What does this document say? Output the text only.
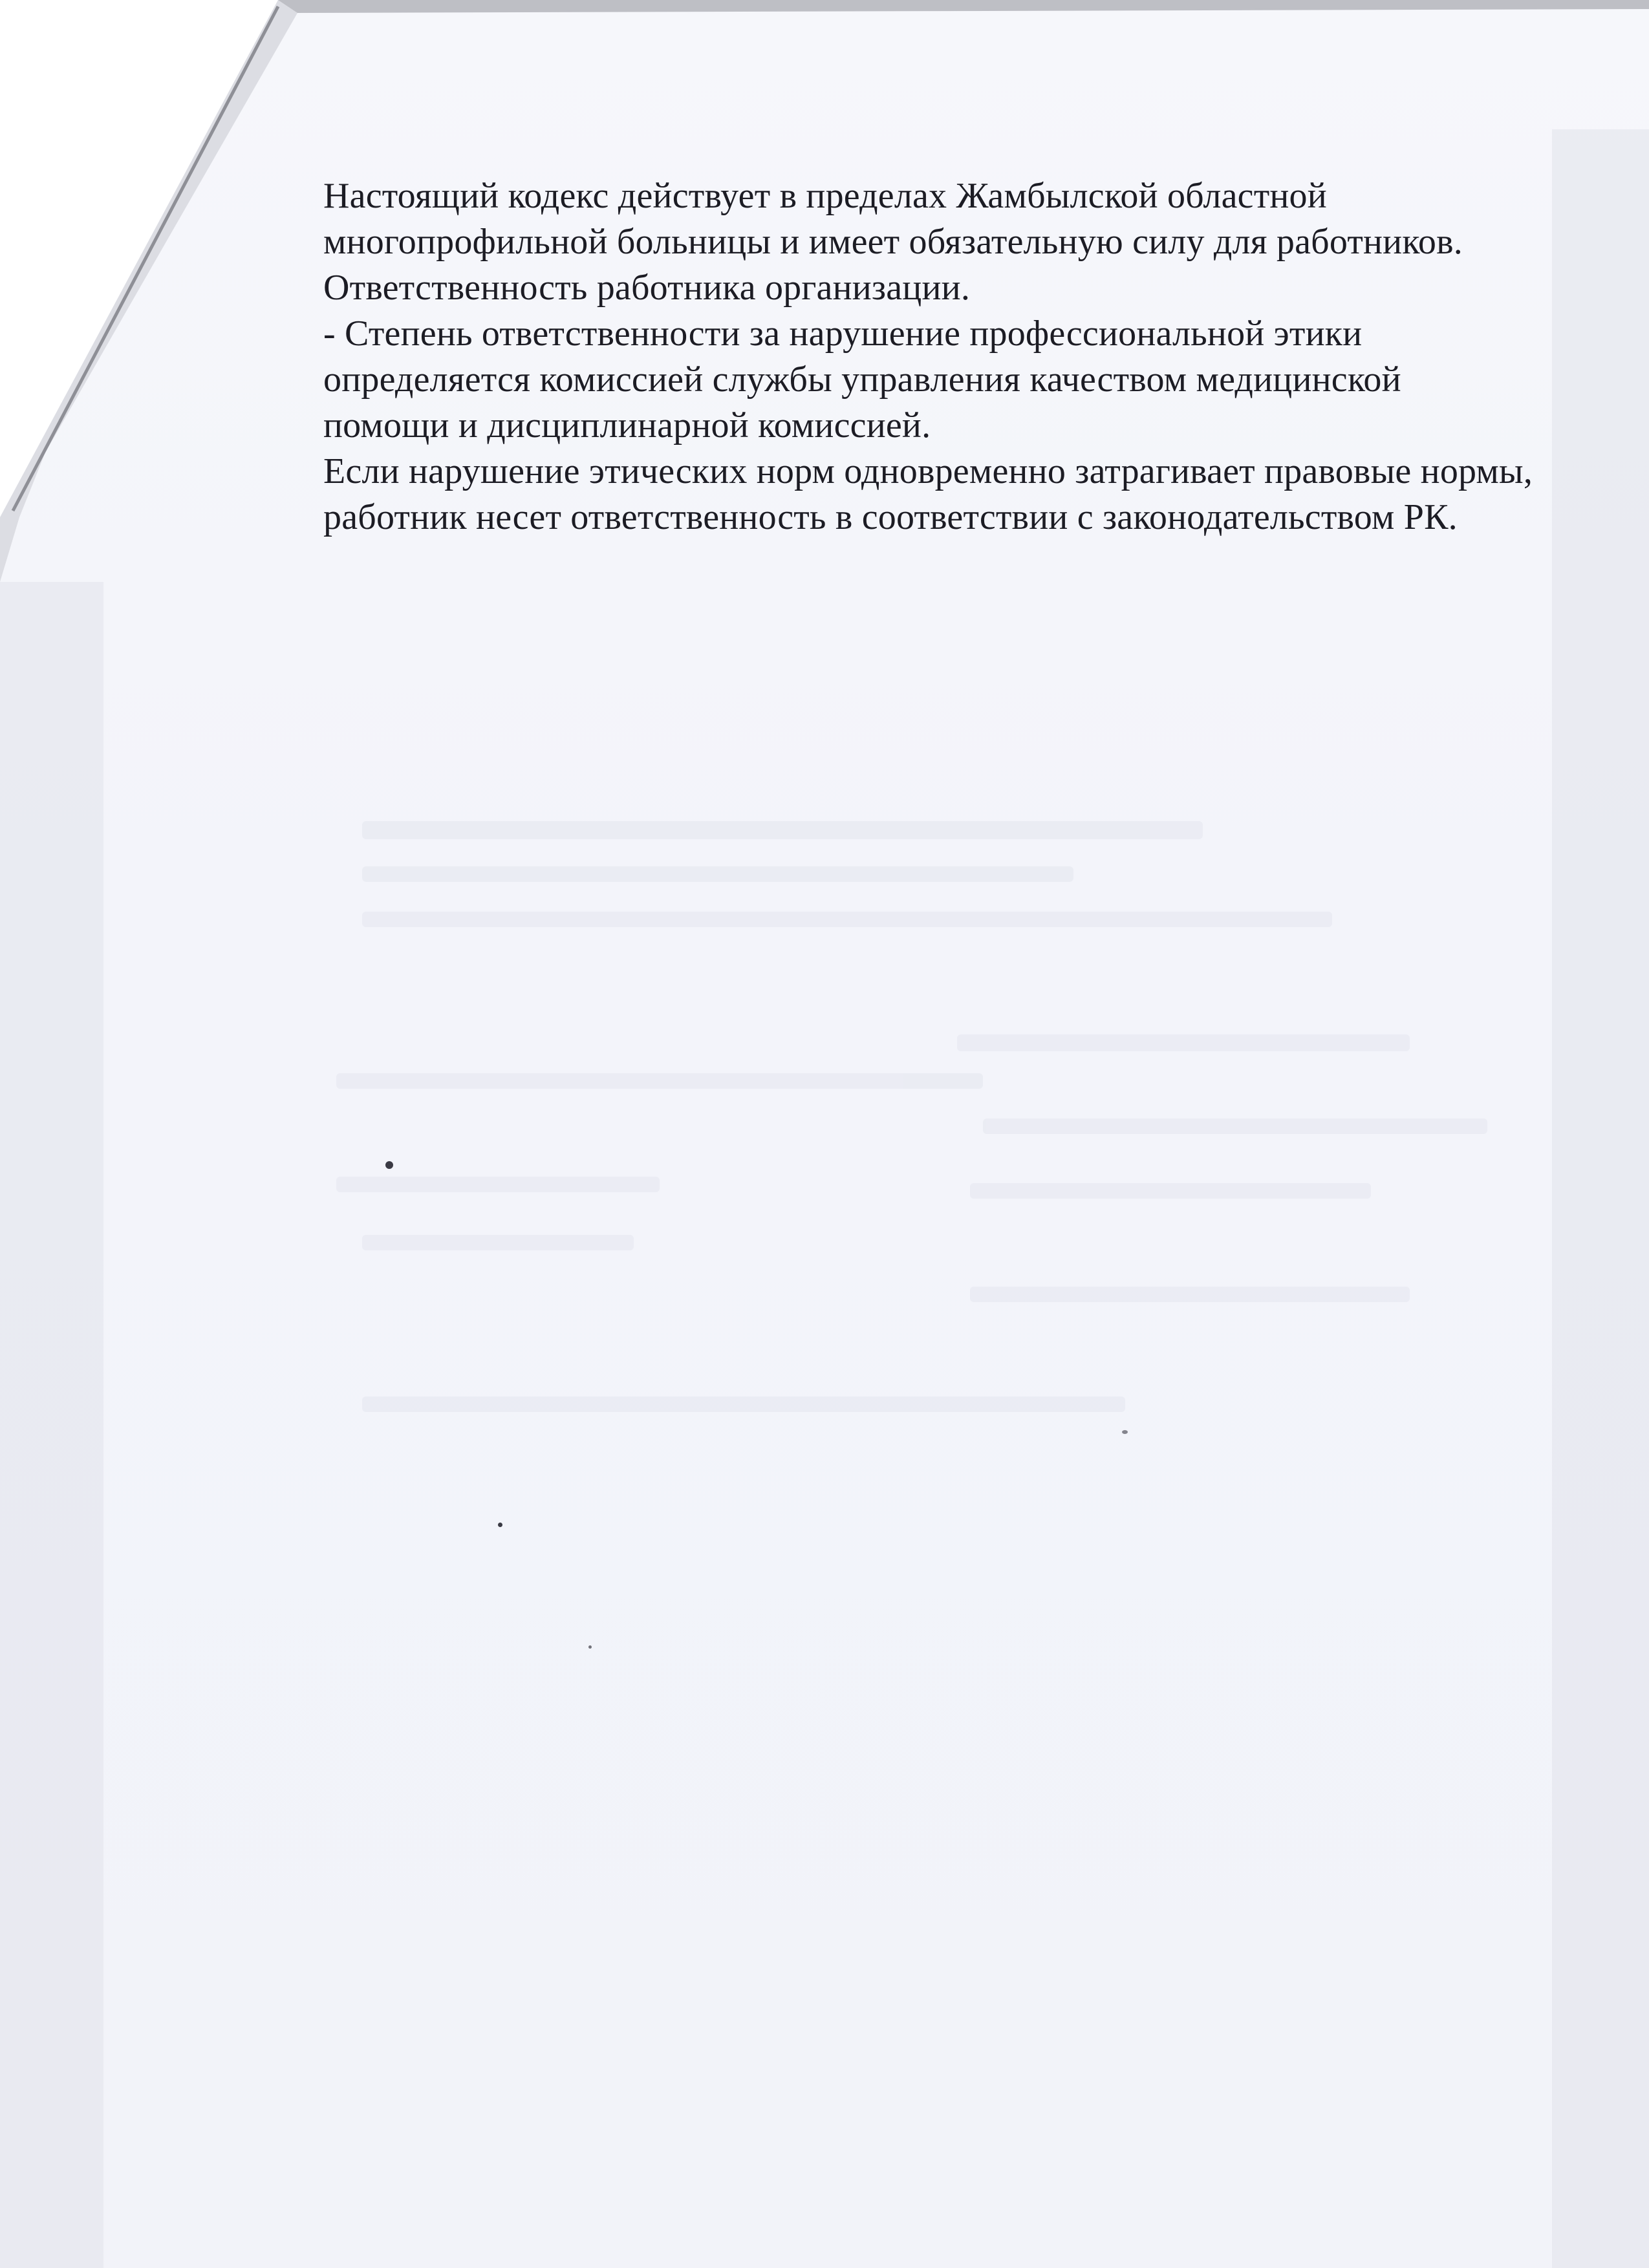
Настоящий кодекс действует в пределах Жамбылской областной
многопрофильной больницы и имеет обязательную силу для работников.
Ответственность работника организации.
- Степень ответственности за нарушение профессиональной этики
определяется комиссией службы управления качеством медицинской
помощи и дисциплинарной комиссией.
Если нарушение этических норм одновременно затрагивает правовые нормы,
работник несет ответственность в соответствии с законодательством РК.
